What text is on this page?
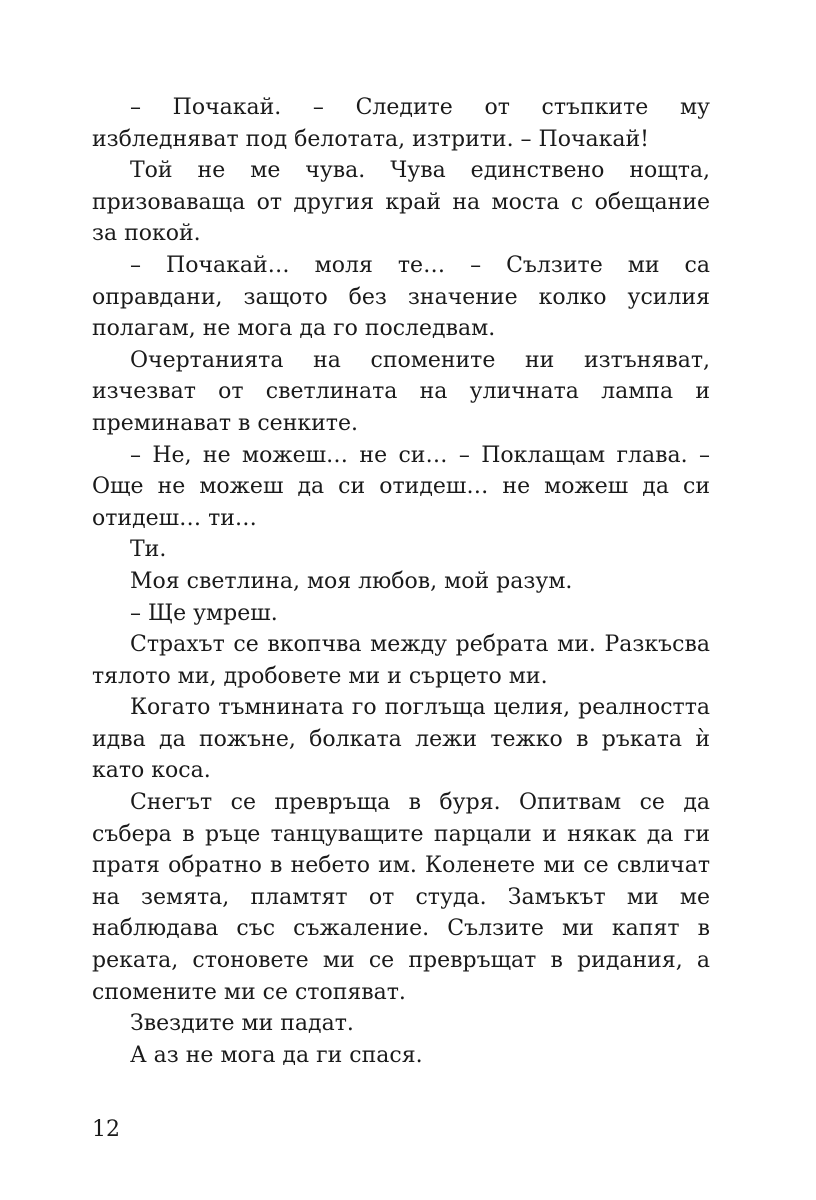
– Почакай. – Следите от стъпките му избледняват под белотата, изтрити. – Почакай!

Той не ме чува. Чува единствено нощта, призоваваща от другия край на моста с обещание за покой.

– Почакай… моля те… – Сълзите ми са оправдани, защото без значение колко усилия полагам, не мога да го последвам.

Очертанията на спомените ни изтъняват, изчезват от светлината на уличната лампа и преминават в сенките.

– Не, не можеш… не си… – Поклащам глава. – Още не можеш да си отидеш… не можеш да си отидеш… ти…

Ти.

Моя светлина, моя любов, мой разум.

– Ще умреш.

Страхът се вкопчва между ребрата ми. Разкъсва тялото ми, дробовете ми и сърцето ми.

Когато тъмнината го поглъща целия, реалността идва да пожъне, болката лежи тежко в ръката ѝ като коса.

Снегът се превръща в буря. Опитвам се да събера в ръце танцуващите парцали и някак да ги пратя обратно в небето им. Коленете ми се свличат на земята, пламтят от студа. Замъкът ми ме наблюдава със съжаление. Сълзите ми капят в реката, стоновете ми се превръщат в ридания, а спомените ми се стопяват.

Звездите ми падат.

А аз не мога да ги спася.

12
